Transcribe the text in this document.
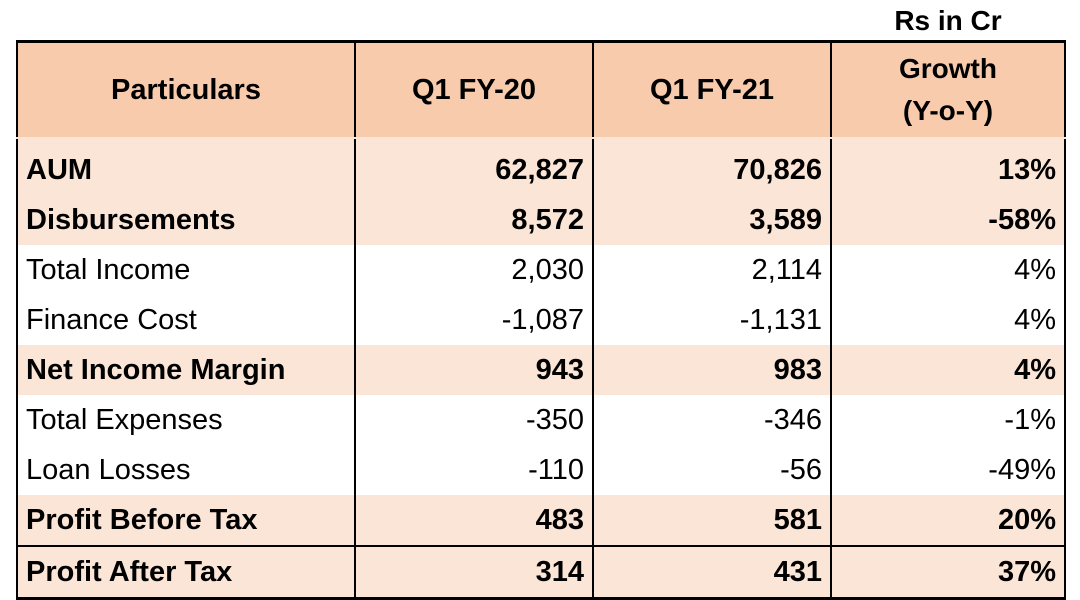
Rs in Cr
Particulars	Q1 FY-20	Q1 FY-21	Growth
(Y-o-Y)

AUM	62,827	70,826	13%
Disbursements	8,572	3,589	-58%
Total Income	2,030	2,114	4%
Finance Cost	-1,087	-1,131	4%
Net Income Margin	943	983	4%
Total Expenses	-350	-346	-1%
Loan Losses	-110	-56	-49%
Profit Before Tax	483	581	20%
Profit After Tax	314	431	37%
